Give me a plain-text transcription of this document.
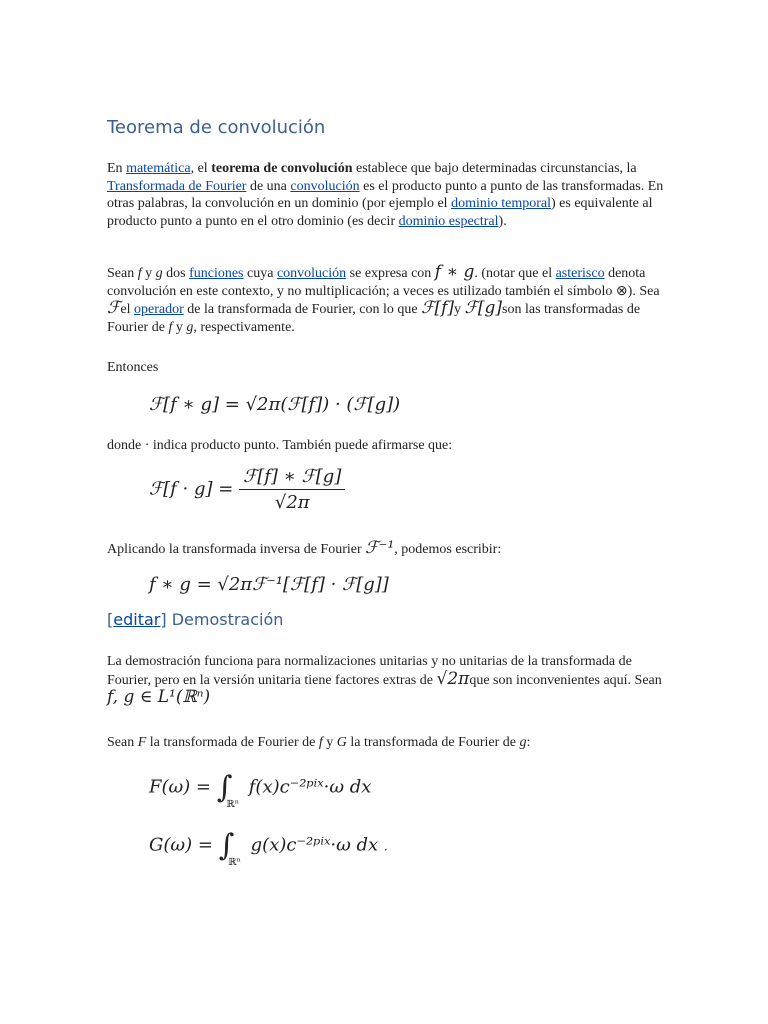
Teorema de convolución

En matemática, el teorema de convolución establece que bajo determinadas circunstancias, la Transformada de Fourier de una convolución es el producto punto a punto de las transformadas. En otras palabras, la convolución en un dominio (por ejemplo el dominio temporal) es equivalente al producto punto a punto en el otro dominio (es decir dominio espectral).

Sean f y g dos funciones cuya convolución se expresa con f ∗ g. (notar que el asterisco denota convolución en este contexto, y no multiplicación; a veces es utilizado también el símbolo ⊗). Sea ℱel operador de la transformada de Fourier, con lo que ℱ[f]y ℱ[g]son las transformadas de Fourier de f y g, respectivamente.

Entonces

ℱ[f ∗ g] = √2π(ℱ[f]) · (ℱ[g])

donde · indica producto punto. También puede afirmarse que:

ℱ[f · $g] = \frac{\text{ℱ[f] ∗ ℱ[g]}}{√2\pi}$

Aplicando la transformada inversa de Fourier ℱ⁻¹, podemos escribir:

f ∗ g = √2πℱ⁻¹[ℱ[f] · ℱ[g]]
[editar] Demostración

La demostración funciona para normalizaciones unitarias y no unitarias de la transformada de Fourier, pero en la versión unitaria tiene factores extras de √2πque son inconvenientes aquí. Sean f, g ∈ L¹(ℝⁿ)

Sean F la transformada de Fourier de f y G la transformada de Fourier de g:

$F(\omega) = \int_{ℝ^n}$ f(x)c⁻²ᵖⁱˣ·ω dx
$G(\omega) = \int_{ℝ^n}$ g(x)c⁻²ᵖⁱˣ·ω dx .
